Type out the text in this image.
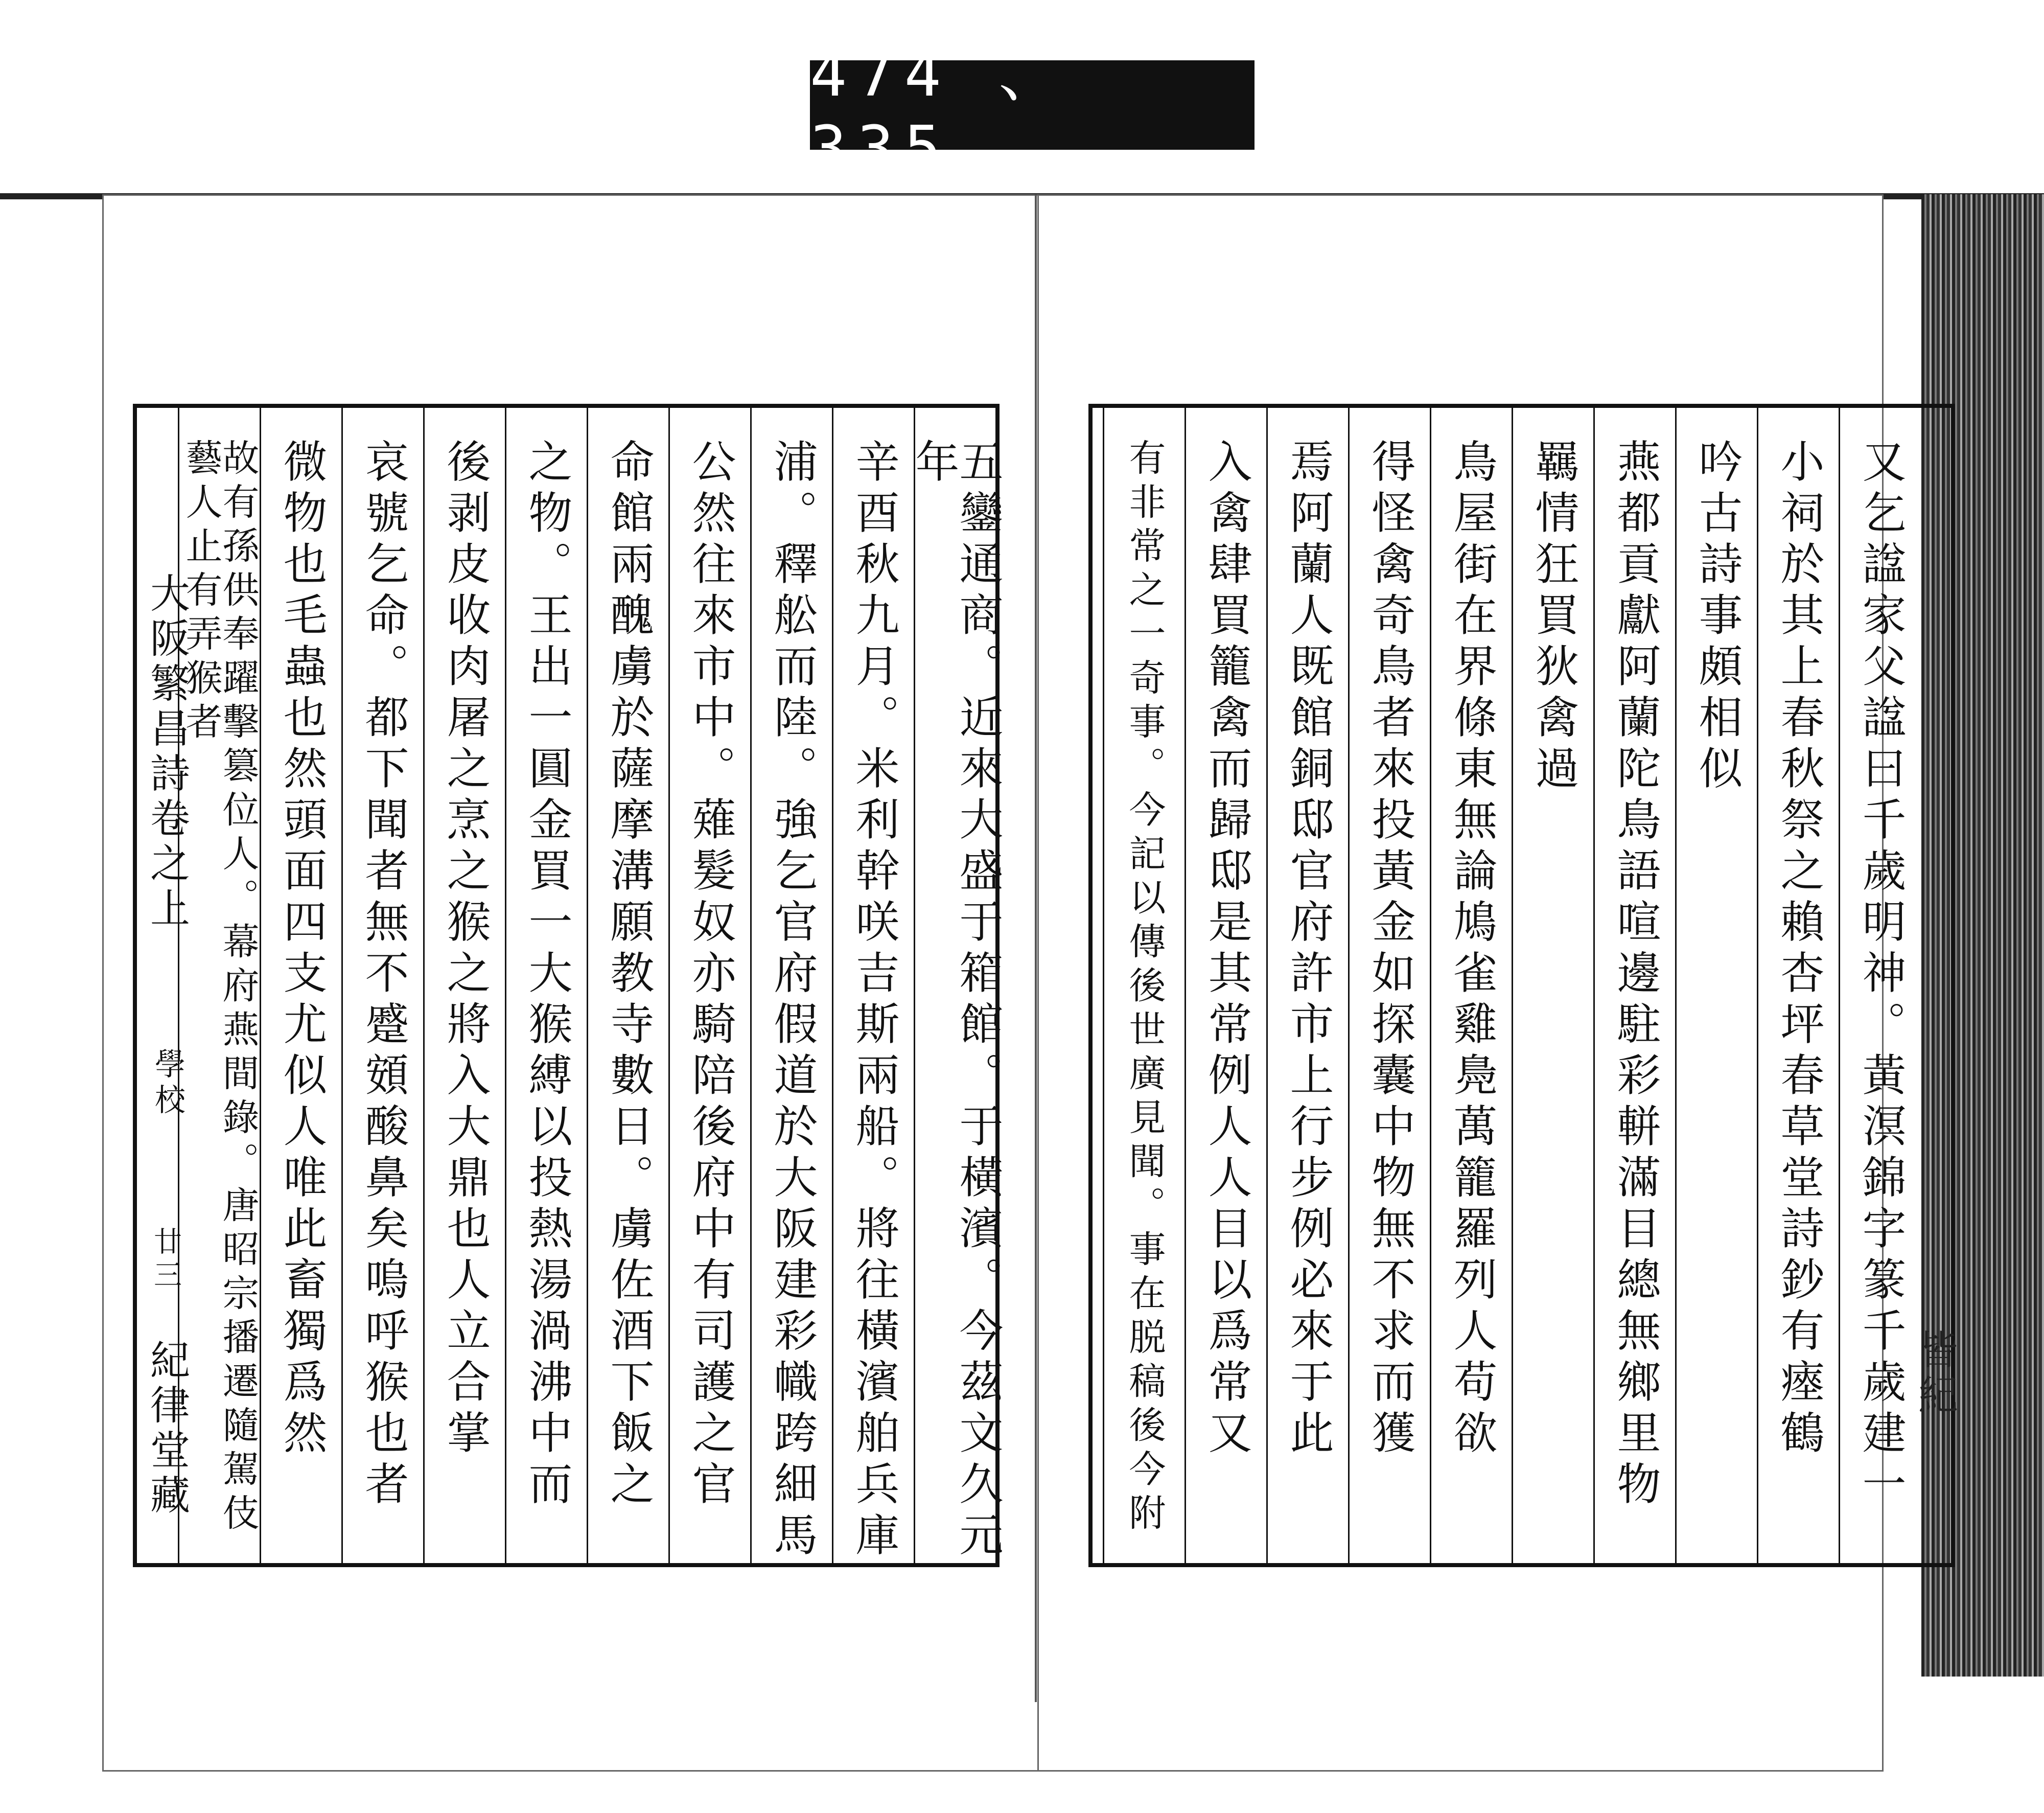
474 、 335.
五鑾通商。近來大盛于箱館。于橫濱。今茲文久元年
辛酉秋九月。米利幹咲吉斯兩船。將往橫濱舶兵庫
浦。釋舩而陸。強乞官府假道於大阪建彩幟跨細馬
公然往來市中。薙髮奴亦騎陪後府中有司護之官
命館兩醜虜於薩摩溝願教寺數日。虜佐酒下飯之
之物。王出一圓金買一大猴縛以投熱湯渦沸中而
後剥皮收肉屠之烹之猴之將入大鼎也人立合掌
哀號乞命。都下聞者無不蹙頞酸鼻矣嗚呼猴也者
微物也毛蟲也然頭面四支尤似人唯此畜獨爲然
故有孫供奉躍擊篡位人。幕府燕間錄。唐昭宗播遷隨駕伎藝人止有弄猴者
大阪繁昌詩卷之上
學校
廿三
紀律堂藏	又乞諡家父諡曰千歲明神。黃溟錦字篆千歲建一
小祠於其上春秋祭之賴杏坪春草堂詩鈔有瘞鶴
吟古詩事頗相似
燕都貢獻阿蘭陀鳥語喧邊駐彩軿滿目總無鄉里物
羈情狂買狄禽過
鳥屋街在界條東無論鳩雀雞鳧萬籠羅列人苟欲
得怪禽奇鳥者來投黃金如探囊中物無不求而獲
焉阿蘭人既館銅邸官府許市上行步例必來于此
入禽肆買籠禽而歸邸是其常例人人目以爲常又
有非常之一奇事。今記以傳後世廣見聞。事在脱稿後今附	皆紀
